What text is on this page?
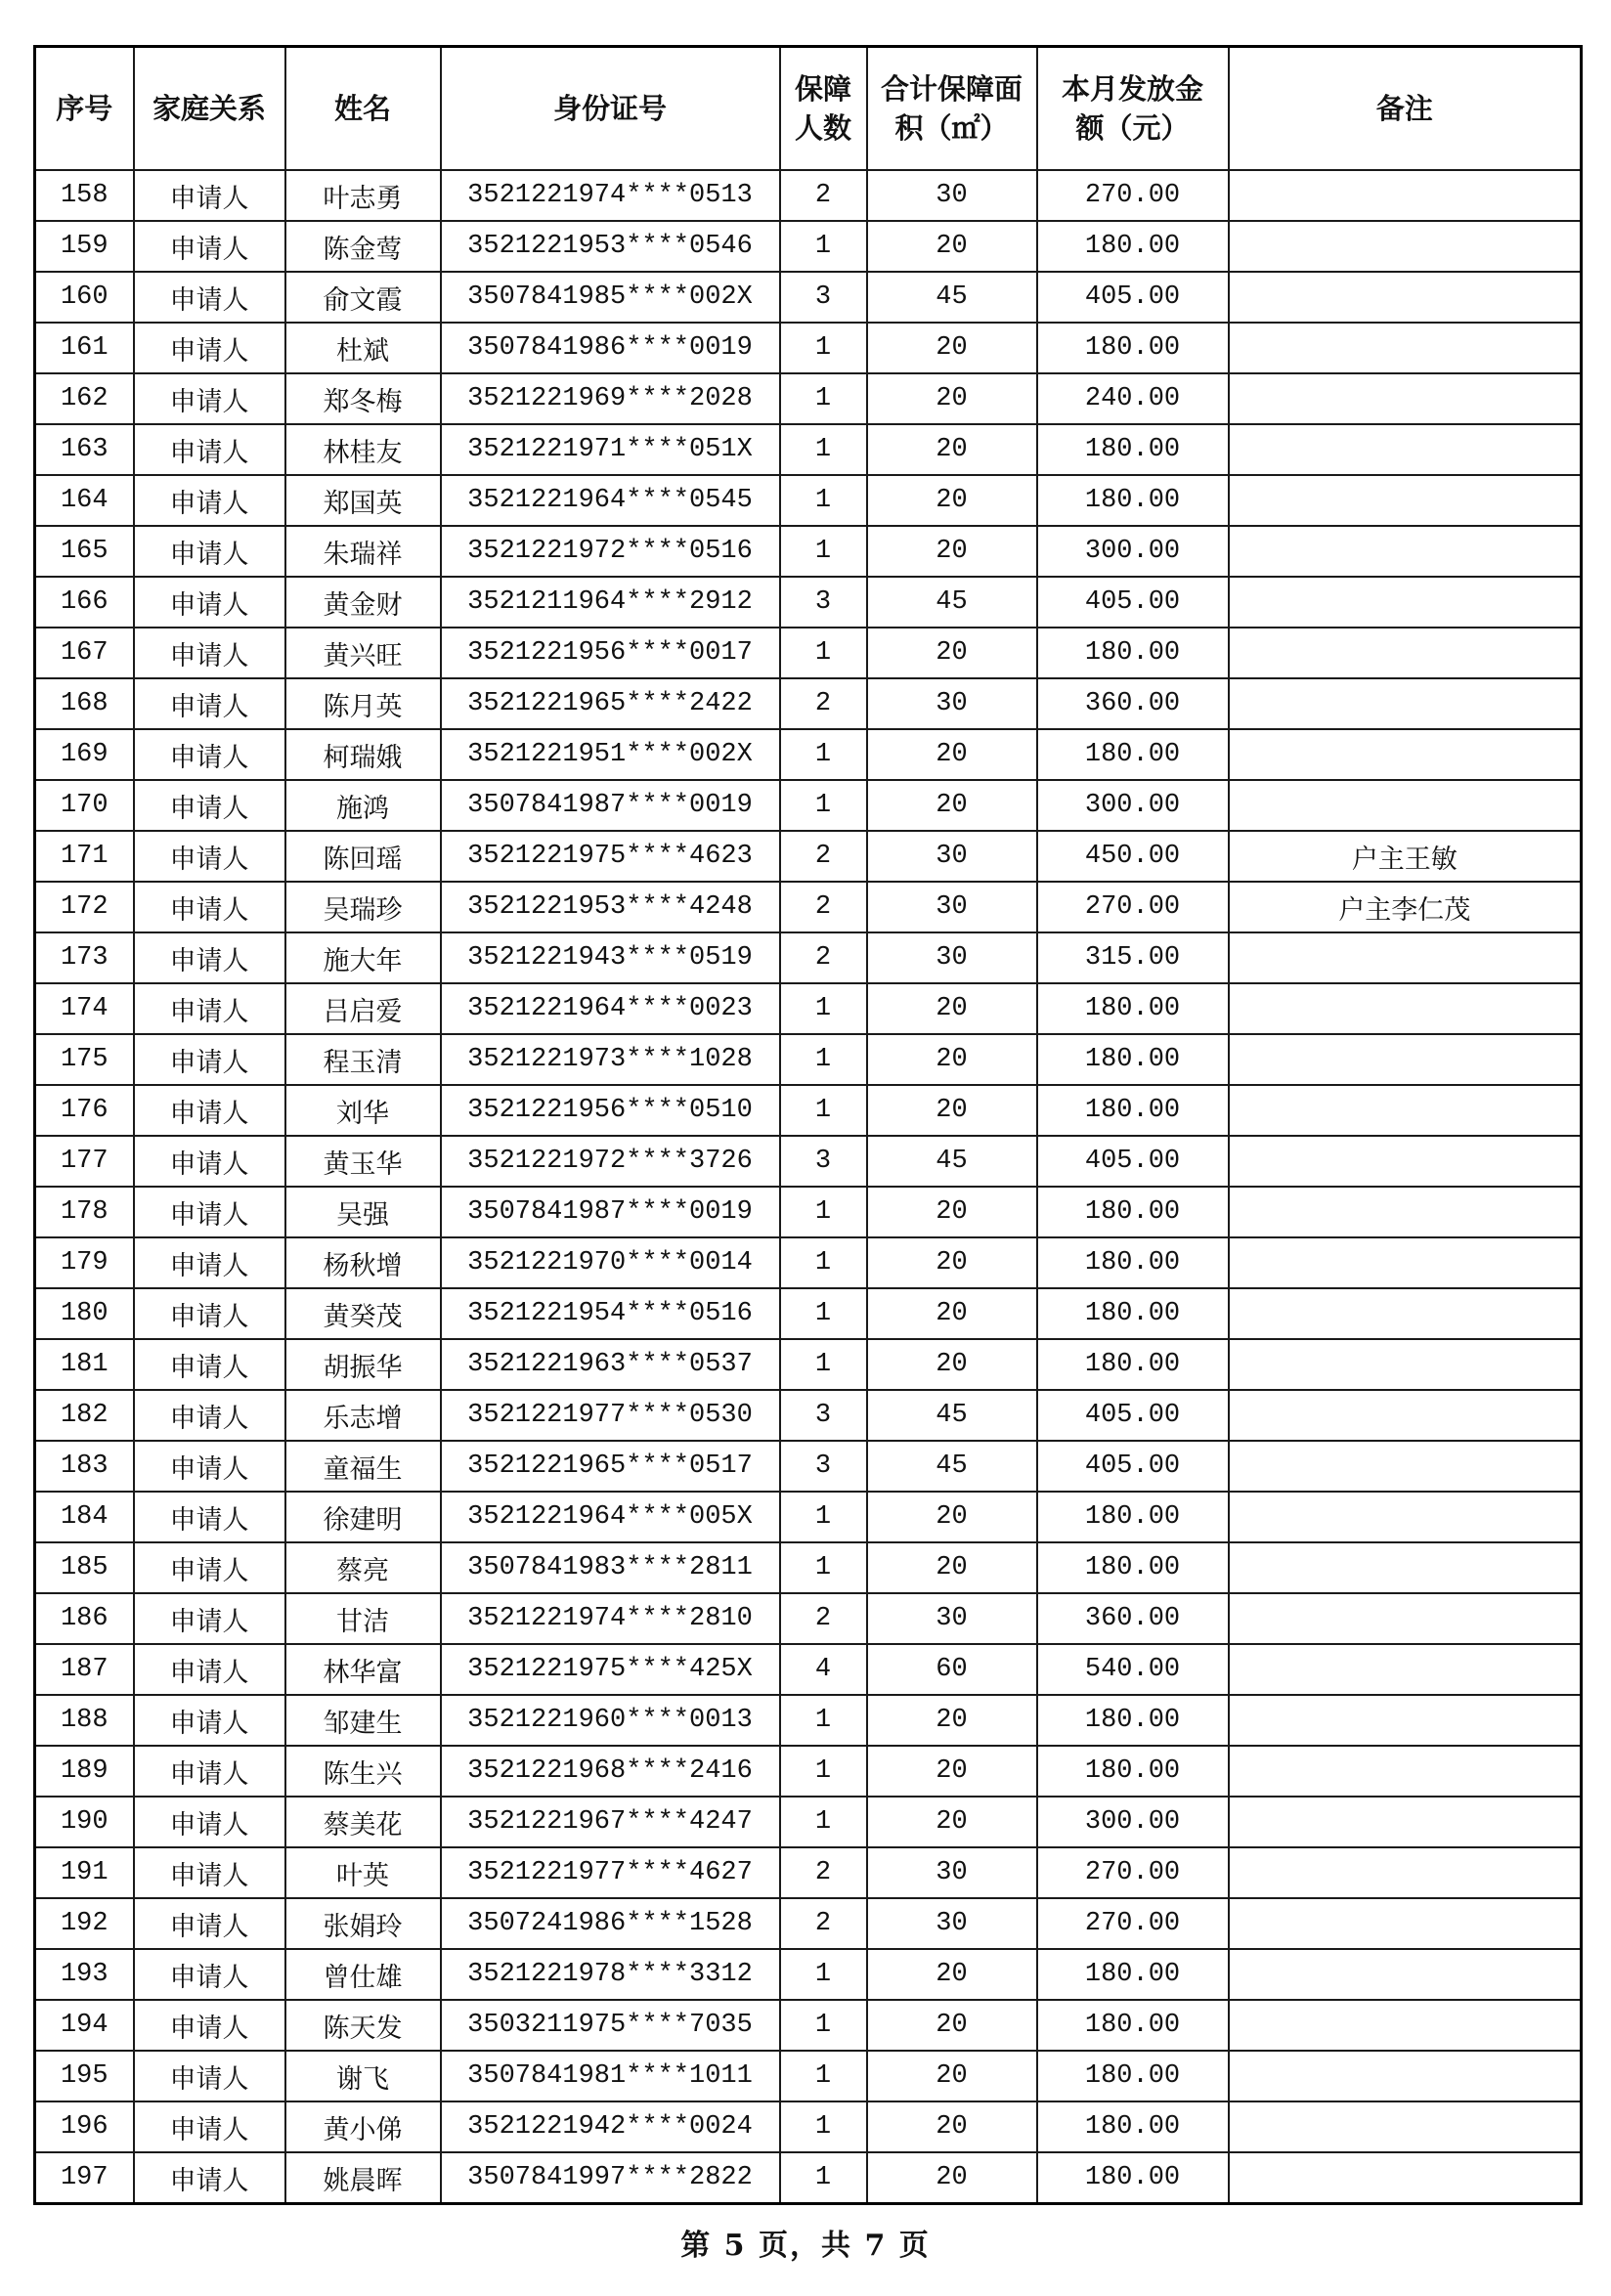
序号	家庭关系	姓名	身份证号	保障人数	合计保障面积（㎡）	本月发放金额（元）	备注
158	申请人	叶志勇	3521221974****0513	2	30	270.00	
159	申请人	陈金莺	3521221953****0546	1	20	180.00	
160	申请人	俞文霞	3507841985****002X	3	45	405.00	
161	申请人	杜斌	3507841986****0019	1	20	180.00	
162	申请人	郑冬梅	3521221969****2028	1	20	240.00	
163	申请人	林桂友	3521221971****051X	1	20	180.00	
164	申请人	郑国英	3521221964****0545	1	20	180.00	
165	申请人	朱瑞祥	3521221972****0516	1	20	300.00	
166	申请人	黄金财	3521211964****2912	3	45	405.00	
167	申请人	黄兴旺	3521221956****0017	1	20	180.00	
168	申请人	陈月英	3521221965****2422	2	30	360.00	
169	申请人	柯瑞娥	3521221951****002X	1	20	180.00	
170	申请人	施鸿	3507841987****0019	1	20	300.00	
171	申请人	陈回瑶	3521221975****4623	2	30	450.00	户主王敏
172	申请人	吴瑞珍	3521221953****4248	2	30	270.00	户主李仁茂
173	申请人	施大年	3521221943****0519	2	30	315.00	
174	申请人	吕启爱	3521221964****0023	1	20	180.00	
175	申请人	程玉清	3521221973****1028	1	20	180.00	
176	申请人	刘华	3521221956****0510	1	20	180.00	
177	申请人	黄玉华	3521221972****3726	3	45	405.00	
178	申请人	吴强	3507841987****0019	1	20	180.00	
179	申请人	杨秋增	3521221970****0014	1	20	180.00	
180	申请人	黄癸茂	3521221954****0516	1	20	180.00	
181	申请人	胡振华	3521221963****0537	1	20	180.00	
182	申请人	乐志增	3521221977****0530	3	45	405.00	
183	申请人	童福生	3521221965****0517	3	45	405.00	
184	申请人	徐建明	3521221964****005X	1	20	180.00	
185	申请人	蔡亮	3507841983****2811	1	20	180.00	
186	申请人	甘洁	3521221974****2810	2	30	360.00	
187	申请人	林华富	3521221975****425X	4	60	540.00	
188	申请人	邹建生	3521221960****0013	1	20	180.00	
189	申请人	陈生兴	3521221968****2416	1	20	180.00	
190	申请人	蔡美花	3521221967****4247	1	20	300.00	
191	申请人	叶英	3521221977****4627	2	30	270.00	
192	申请人	张娟玲	3507241986****1528	2	30	270.00	
193	申请人	曾仕雄	3521221978****3312	1	20	180.00	
194	申请人	陈天发	3503211975****7035	1	20	180.00	
195	申请人	谢飞	3507841981****1011	1	20	180.00	
196	申请人	黄小俤	3521221942****0024	1	20	180.00	
197	申请人	姚晨晖	3507841997****2822	1	20	180.00	
第 5 页，共 7 页
